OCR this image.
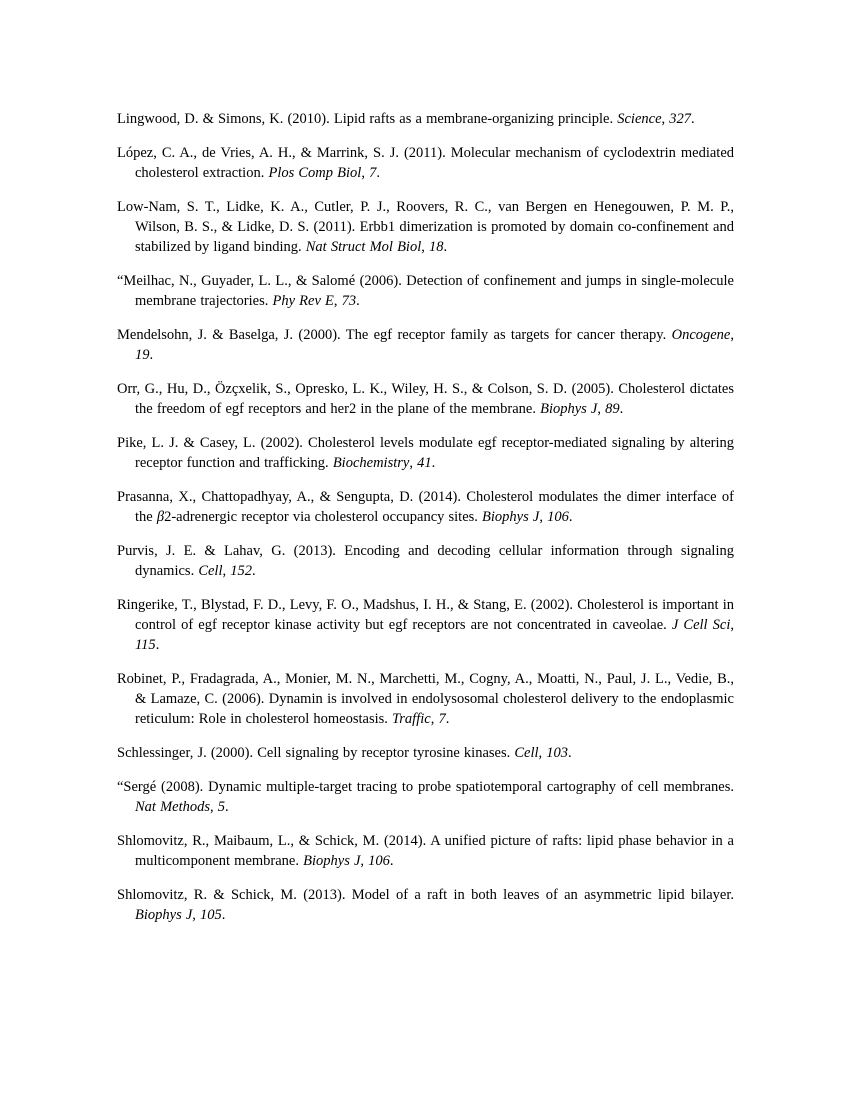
Lingwood, D. & Simons, K. (2010). Lipid rafts as a membrane-organizing principle. Science, 327.

López, C. A., de Vries, A. H., & Marrink, S. J. (2011). Molecular mechanism of cyclodextrin mediated cholesterol extraction. Plos Comp Biol, 7.

Low-Nam, S. T., Lidke, K. A., Cutler, P. J., Roovers, R. C., van Bergen en Henegouwen, P. M. P., Wilson, B. S., & Lidke, D. S. (2011). Erbb1 dimerization is promoted by domain co-confinement and stabilized by ligand binding. Nat Struct Mol Biol, 18.

“Meilhac, N., Guyader, L. L., & Salomé (2006). Detection of confinement and jumps in single-molecule membrane trajectories. Phy Rev E, 73.

Mendelsohn, J. & Baselga, J. (2000). The egf receptor family as targets for cancer therapy. Oncogene, 19.

Orr, G., Hu, D., Özçxelik, S., Opresko, L. K., Wiley, H. S., & Colson, S. D. (2005). Cholesterol dictates the freedom of egf receptors and her2 in the plane of the membrane. Biophys J, 89.

Pike, L. J. & Casey, L. (2002). Cholesterol levels modulate egf receptor-mediated signaling by altering receptor function and trafficking. Biochemistry, 41.

Prasanna, X., Chattopadhyay, A., & Sengupta, D. (2014). Cholesterol modulates the dimer interface of the β2-adrenergic receptor via cholesterol occupancy sites. Biophys J, 106.

Purvis, J. E. & Lahav, G. (2013). Encoding and decoding cellular information through signaling dynamics. Cell, 152.

Ringerike, T., Blystad, F. D., Levy, F. O., Madshus, I. H., & Stang, E. (2002). Cholesterol is important in control of egf receptor kinase activity but egf receptors are not concentrated in caveolae. J Cell Sci, 115.

Robinet, P., Fradagrada, A., Monier, M. N., Marchetti, M., Cogny, A., Moatti, N., Paul, J. L., Vedie, B., & Lamaze, C. (2006). Dynamin is involved in endolysosomal cholesterol delivery to the endoplasmic reticulum: Role in cholesterol homeostasis. Traffic, 7.

Schlessinger, J. (2000). Cell signaling by receptor tyrosine kinases. Cell, 103.

“Sergé (2008). Dynamic multiple-target tracing to probe spatiotemporal cartography of cell membranes. Nat Methods, 5.

Shlomovitz, R., Maibaum, L., & Schick, M. (2014). A unified picture of rafts: lipid phase behavior in a multicomponent membrane. Biophys J, 106.

Shlomovitz, R. & Schick, M. (2013). Model of a raft in both leaves of an asymmetric lipid bilayer. Biophys J, 105.
